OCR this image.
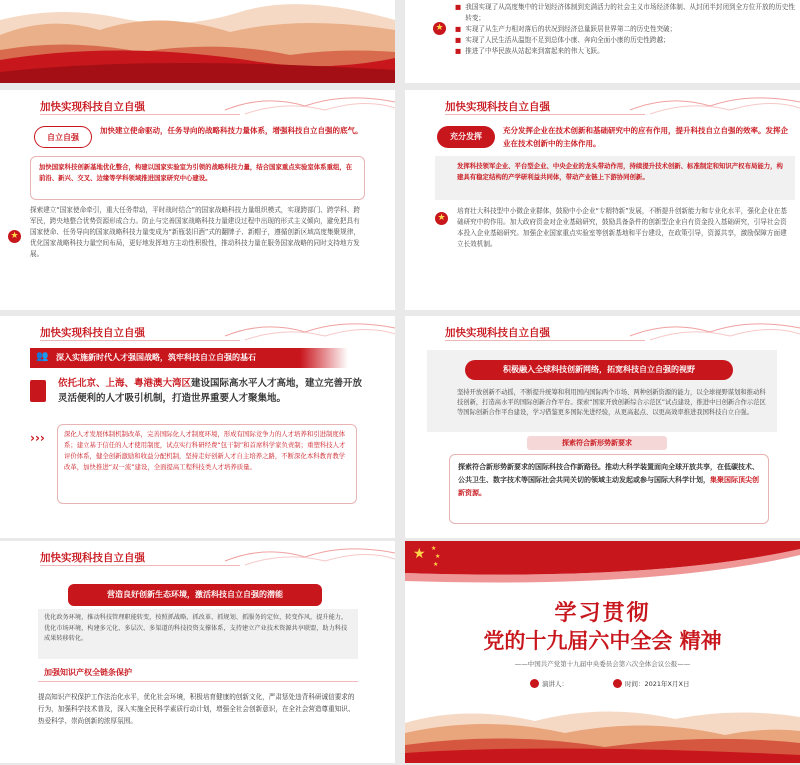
★
■ 我国实现了从高度集中的计划经济体制到充满活力的社会主义市场经济体制、从封闭半封闭到全方位开放的历史性转变；
■ 实现了从生产力相对落后的状况到经济总量跃居世界第二的历史性突破；
■ 实现了人民生活从温饱不足到总体小康、奔向全面小康的历史性跨越；
■ 推进了中华民族从站起来到富起来的伟大飞跃。
加快实现科技自立自强
自立自强
加快建立使命驱动，任务导向的战略科技力量体系，增强科技自立自强的底气。
加快国家科技创新基地优化整合，构建以国家实验室为引领的战略科技力量，结合国家重点实验室体系重组，在前沿、新兴、交叉、边缘等学科领域推进国家研究中心建设。
★
探索建立“国家使命牵引，重大任务带动，平时战时结合”的国家战略科技力量组织模式，实现跨部门、跨学科、跨军民，跨央地整合优势资源形成合力。防止与完善国家战略科技力量建设过程中出现的形式主义倾向，避免把具有国家使命、任务导向的国家战略科技力量变成为“新瓶装旧酒”式的翻牌子、新帽子，遵循创新区域高度集聚规律，优化国家战略科技力量空间布局，更好地发挥地方主动性积极性，推动科技力量在服务国家战略的同时支持地方发展。
加快实现科技自立自强
充分发挥
充分发挥企业在技术创新和基础研究中的应有作用，提升科技自立自强的效率。发挥企业在技术创新中的主体作用。
发挥科技领军企业、平台型企业、中央企业的龙头带动作用，持续提升技术创新、标准制定和知识产权布局能力，构建具有稳定结构的产学研利益共同体，带动产业链上下游协同创新。
★
培育壮大科技型中小微企业群体，鼓励中小企业“专精特新”发展，不断提升创新能力和专业化水平，强化企业在基础研究中的作用。加大政府资金对企业基础研究，鼓励具备条件的创新型企业自有资金投入基础研究，引导社会资本投入企业基础研究。加强企业国家重点实验室等创新基地和平台建设，在政策引导，资源共享，激励保障方面建立长效机制。
加快实现科技自立自强
👥 深入实施新时代人才强国战略，筑牢科技自立自强的基石
依托北京、上海、粤港澳大湾区建设国际高水平人才高地，建立完善开放灵活便利的人才吸引机制，打造世界重要人才聚集地。
›››	深化人才发展体制机制改革，完善国际化人才制度环境，形成有国际竞争力的人才培养和引进制度体系；建立基于信任的人才使用制度，试点实行科研经费“包干制”和首席科学家负责制；重塑科技人才评价体系，健全创新激励和收益分配机制，坚持走好创新人才自主培养之路，不断深化本科教育教学改革，加快推进“双一流”建设，全面提高工程科技类人才培养质量。
加快实现科技自立自强
积极融入全球科技创新网络，拓宽科技自立自强的视野
坚持开放创新不动摇，不断提升统筹和利用国内国际两个市场、两种创新资源的能力，以全球视野谋划和推动科技创新，打造高水平的国际创新合作平台。探索“国家开放创新综合示范区”试点建设，推进中日创新合作示范区等国际创新合作平台建设，学习借鉴更多国际先进经验，从更高起点、以更高效率推进我国科技自立自强。
探索符合新形势新要求
探索符合新形势新要求的国际科技合作新路径。推动大科学装置面向全球开放共享，在低碳技术、公共卫生、数字技术等国际社会共同关切的领域主动发起或参与国际大科学计划，集聚国际顶尖创新资源。
加快实现科技自立自强
营造良好创新生态环境，激活科技自立自强的潜能
优化政务环境，推动科技管理职能转变，按照抓战略、抓改革、抓规划、抓服务的定位，转变作风，提升能力，优化市场环境，构建多元化、多层次、多渠道的科技投资支撑体系，支持建立产业技术资源共享联盟，助力科技成果转移转化。
加强知识产权全链条保护
提高知识产权保护工作法治化水平，优化社会环境，积极培育健康的创新文化，严肃惩处违背科研诚信要求的行为，加强科学技术普及，深入实施全民科学素质行动计划，增强全社会创新意识，在全社会营造尊重知识、热爱科学、崇尚创新的浓厚氛围。
★ ★
★
★
学习贯彻
党的十九届六中全会 精神
——中国共产党第十九届中央委员会第六次全体会议公报——
演讲人：	时间：2021年X月X日
